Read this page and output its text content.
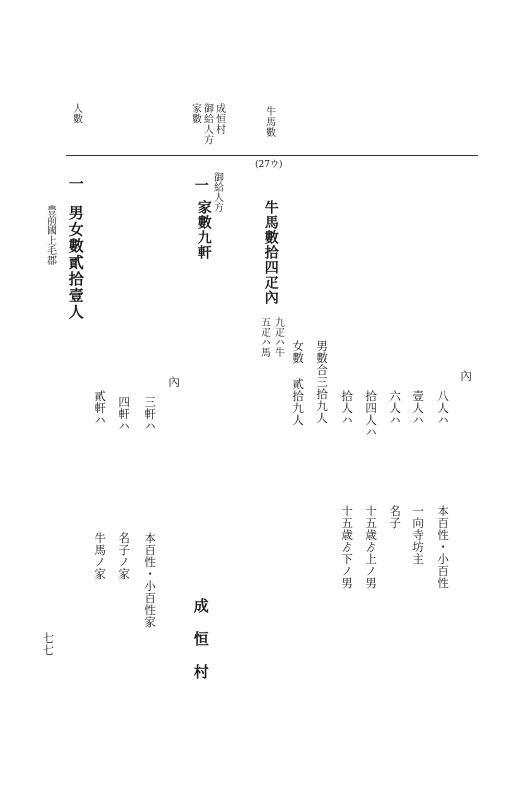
人數	成恒村
御給人方
家數	牛馬數
(27ウ)
內
八人ハ
本百性・小百性
壹人ハ
一向寺坊主
六人ハ
名子
拾四人ハ
十五歳ゟ上ノ男
拾人ハ
十五歳ゟ下ノ男
男數合三拾九人
女數
貳拾九人
牛馬數拾四疋內
九疋ハ牛
五疋ハ馬
一 御給人方
家數九軒
內
三軒ハ
本百性・小百性家
四軒ハ
名子ノ家
貳軒ハ
牛馬ノ家
成恒村
一
男女數貳拾壹人
豊前國上毛郡
七七
